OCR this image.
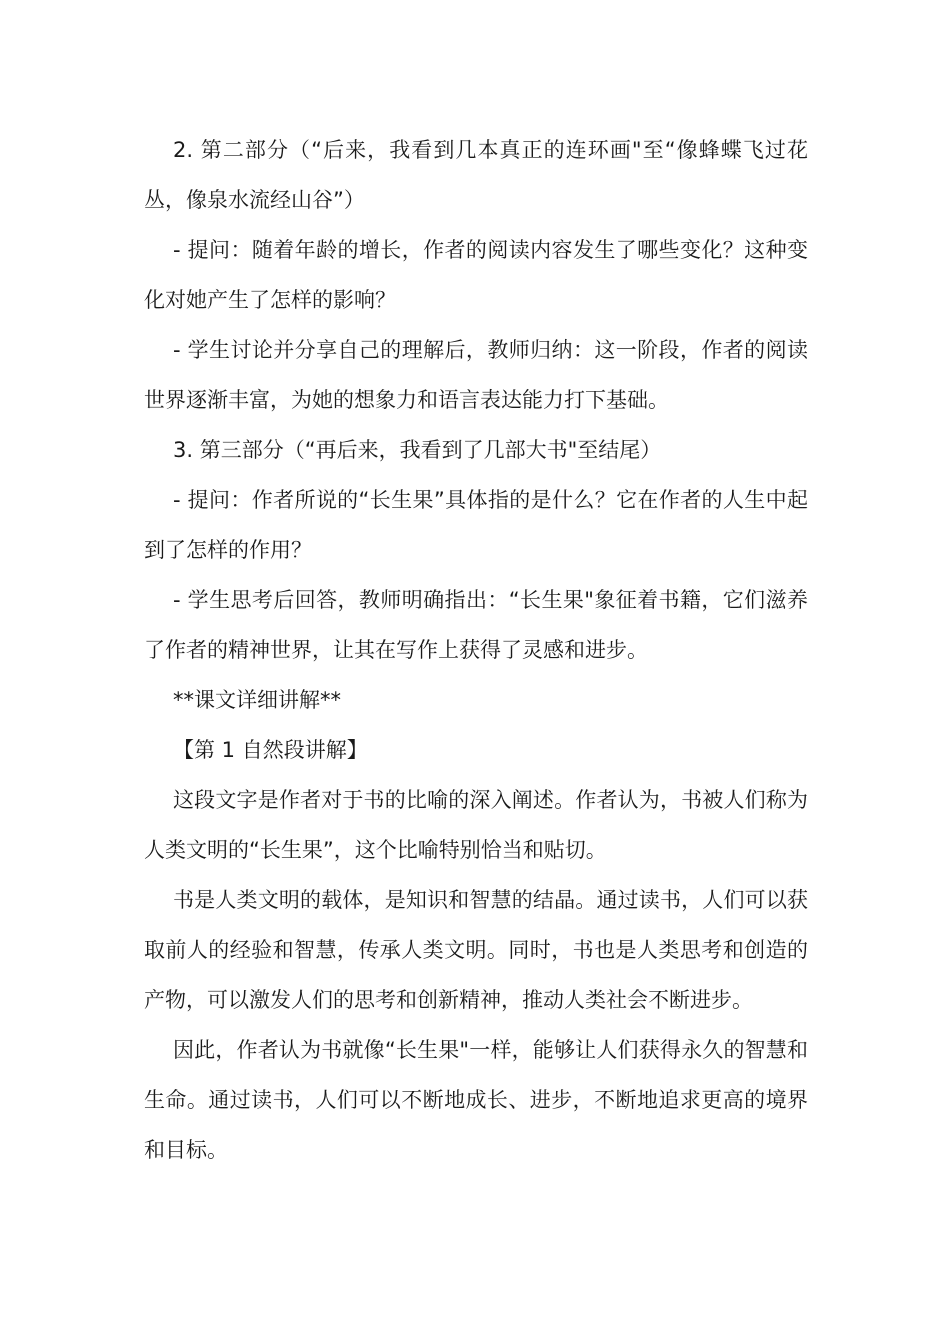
2. 第二部分（“后来，我看到几本真正的连环画"至“像蜂蝶飞过花丛，像泉水流经山谷”）

- 提问：随着年龄的增长，作者的阅读内容发生了哪些变化？这种变化对她产生了怎样的影响？

- 学生讨论并分享自己的理解后，教师归纳：这一阶段，作者的阅读世界逐渐丰富，为她的想象力和语言表达能力打下基础。

3. 第三部分（“再后来，我看到了几部大书"至结尾）

- 提问：作者所说的“长生果”具体指的是什么？它在作者的人生中起到了怎样的作用？

- 学生思考后回答，教师明确指出：“长生果"象征着书籍，它们滋养了作者的精神世界，让其在写作上获得了灵感和进步。

**课文详细讲解**

【第 1 自然段讲解】

这段文字是作者对于书的比喻的深入阐述。作者认为，书被人们称为人类文明的“长生果”，这个比喻特别恰当和贴切。

书是人类文明的载体，是知识和智慧的结晶。通过读书，人们可以获取前人的经验和智慧，传承人类文明。同时，书也是人类思考和创造的产物，可以激发人们的思考和创新精神，推动人类社会不断进步。

因此，作者认为书就像“长生果"一样，能够让人们获得永久的智慧和生命。通过读书，人们可以不断地成长、进步，不断地追求更高的境界和目标。
